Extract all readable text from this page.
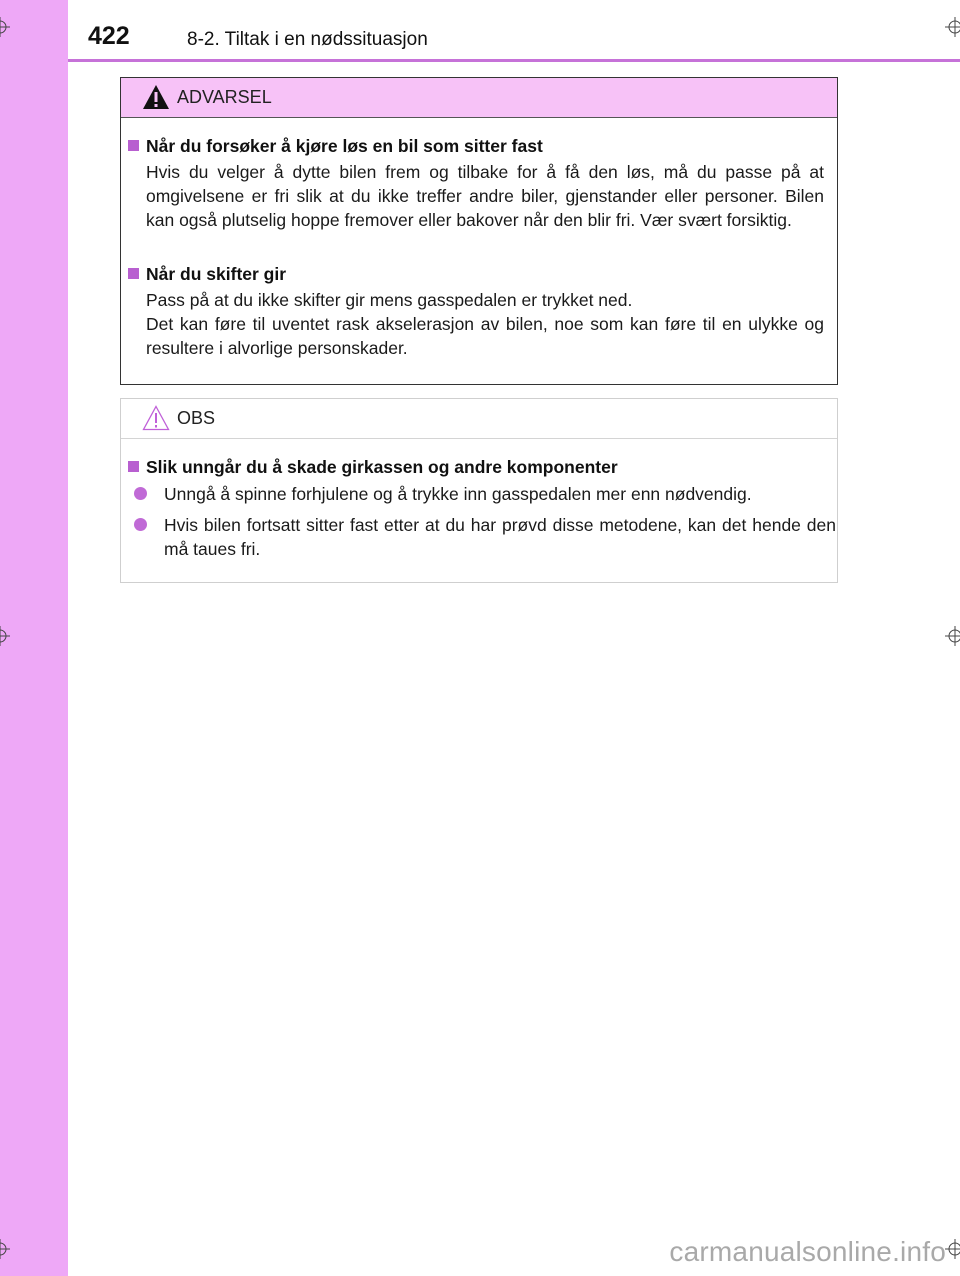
422	8-2. Tiltak i en nødssituasjon
ADVARSEL
Når du forsøker å kjøre løs en bil som sitter fast
Hvis du velger å dytte bilen frem og tilbake for å få den løs, må du passe på at omgivelsene er fri slik at du ikke treffer andre biler, gjenstander eller personer. Bilen kan også plutselig hoppe fremover eller bakover når den blir fri. Vær svært forsiktig.
Når du skifter gir
Pass på at du ikke skifter gir mens gasspedalen er trykket ned.
Det kan føre til uventet rask akselerasjon av bilen, noe som kan føre til en ulykke og resultere i alvorlige personskader.
OBS
Slik unngår du å skade girkassen og andre komponenter
Unngå å spinne forhjulene og å trykke inn gasspedalen mer enn nødvendig.
Hvis bilen fortsatt sitter fast etter at du har prøvd disse metodene, kan det hende den må taues fri.
carmanualsonline.info
